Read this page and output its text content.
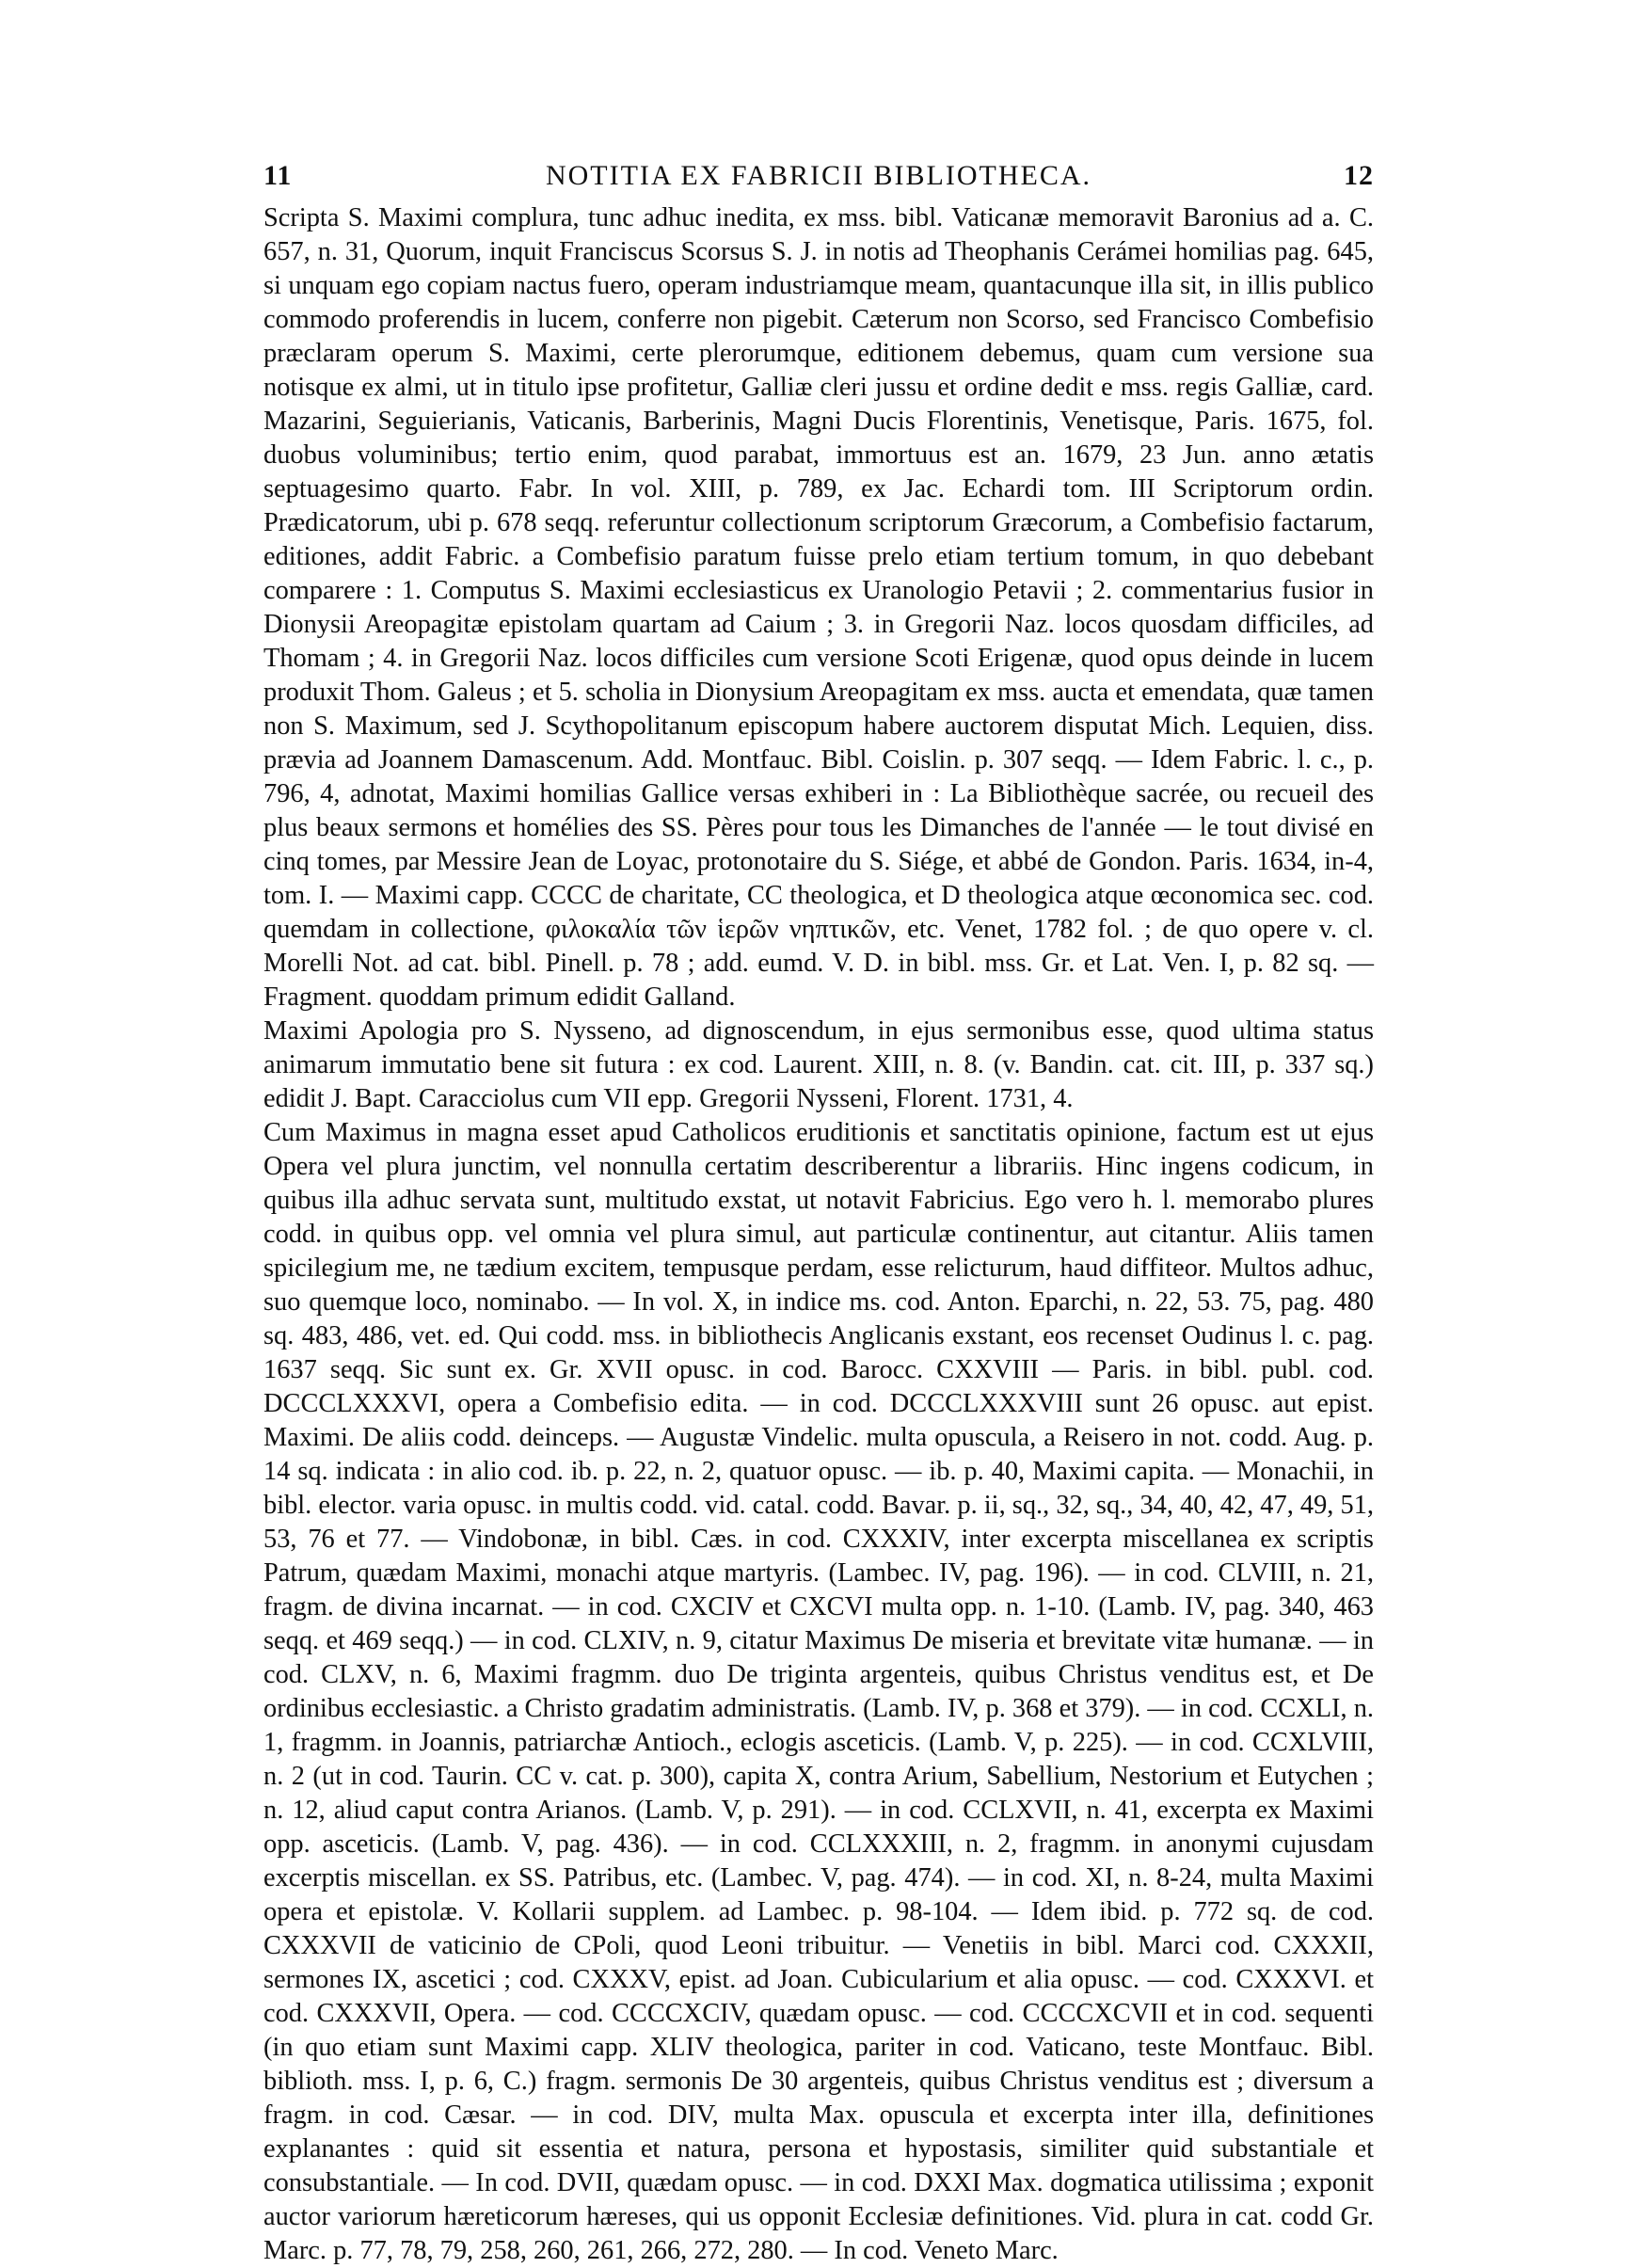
11	NOTITIA EX FABRICII BIBLIOTHECA.	12

Scripta S. Maximi complura, tunc adhuc inedita, ex mss. bibl. Vaticanæ memoravit Baronius ad a. C. 657, n. 31, Quorum, inquit Franciscus Scorsus S. J. in notis ad Theophanis Cerámei homilias pag. 645, si unquam ego copiam nactus fuero, operam industriamque meam, quantacunque illa sit, in illis publico commodo proferendis in lucem, conferre non pigebit. Cæterum non Scorso, sed Francisco Combefisio præclaram operum S. Maximi, certe plerorumque, editionem debemus, quam cum versione sua notisque ex almi, ut in titulo ipse profitetur, Galliæ cleri jussu et ordine dedit e mss. regis Galliæ, card. Mazarini, Seguierianis, Vaticanis, Barberinis, Magni Ducis Florentinis, Venetisque, Paris. 1675, fol. duobus voluminibus; tertio enim, quod parabat, immortuus est an. 1679, 23 Jun. anno ætatis septuagesimo quarto. Fabr. In vol. XIII, p. 789, ex Jac. Echardi tom. III Scriptorum ordin. Prædicatorum, ubi p. 678 seqq. referuntur collectionum scriptorum Græcorum, a Combefisio factarum, editiones, addit Fabric. a Combefisio paratum fuisse prelo etiam tertium tomum, in quo debebant comparere : 1. Computus S. Maximi ecclesiasticus ex Uranologio Petavii ; 2. commentarius fusior in Dionysii Areopagitæ epistolam quartam ad Caium ; 3. in Gregorii Naz. locos quosdam difficiles, ad Thomam ; 4. in Gregorii Naz. locos difficiles cum versione Scoti Erigenæ, quod opus deinde in lucem produxit Thom. Galeus ; et 5. scholia in Dionysium Areopagitam ex mss. aucta et emendata, quæ tamen non S. Maximum, sed J. Scythopolitanum episcopum habere auctorem disputat Mich. Lequien, diss. prævia ad Joannem Damascenum. Add. Montfauc. Bibl. Coislin. p. 307 seqq. — Idem Fabric. l. c., p. 796, 4, adnotat, Maximi homilias Gallice versas exhiberi in : La Bibliothèque sacrée, ou recueil des plus beaux sermons et homélies des SS. Pères pour tous les Dimanches de l'année — le tout divisé en cinq tomes, par Messire Jean de Loyac, protonotaire du S. Siége, et abbé de Gondon. Paris. 1634, in-4, tom. I. — Maximi capp. CCCC de charitate, CC theologica, et D theologica atque œconomica sec. cod. quemdam in collectione, φιλοκαλία τῶν ἱερῶν νηπτικῶν, etc. Venet, 1782 fol. ; de quo opere v. cl. Morelli Not. ad cat. bibl. Pinell. p. 78 ; add. eumd. V. D. in bibl. mss. Gr. et Lat. Ven. I, p. 82 sq. — Fragment. quoddam primum edidit Galland.

Maximi Apologia pro S. Nysseno, ad dignoscendum, in ejus sermonibus esse, quod ultima status animarum immutatio bene sit futura : ex cod. Laurent. XIII, n. 8. (v. Bandin. cat. cit. III, p. 337 sq.) edidit J. Bapt. Caracciolus cum VII epp. Gregorii Nysseni, Florent. 1731, 4.

Cum Maximus in magna esset apud Catholicos eruditionis et sanctitatis opinione, factum est ut ejus Opera vel plura junctim, vel nonnulla certatim describerentur a librariis. Hinc ingens codicum, in quibus illa adhuc servata sunt, multitudo exstat, ut notavit Fabricius. Ego vero h. l. memorabo plures codd. in quibus opp. vel omnia vel plura simul, aut particulæ continentur, aut citantur. Aliis tamen spicilegium me, ne tædium excitem, tempusque perdam, esse relicturum, haud diffiteor. Multos adhuc, suo quemque loco, nominabo. — In vol. X, in indice ms. cod. Anton. Eparchi, n. 22, 53. 75, pag. 480 sq. 483, 486, vet. ed. Qui codd. mss. in bibliothecis Anglicanis exstant, eos recenset Oudinus l. c. pag. 1637 seqq. Sic sunt ex. Gr. XVII opusc. in cod. Barocc. CXXVIII — Paris. in bibl. publ. cod. DCCCLXXXVI, opera a Combefisio edita. — in cod. DCCCLXXXVIII sunt 26 opusc. aut epist. Maximi. De aliis codd. deinceps. — Augustæ Vindelic. multa opuscula, a Reisero in not. codd. Aug. p. 14 sq. indicata : in alio cod. ib. p. 22, n. 2, quatuor opusc. — ib. p. 40, Maximi capita. — Monachii, in bibl. elector. varia opusc. in multis codd. vid. catal. codd. Bavar. p. ii, sq., 32, sq., 34, 40, 42, 47, 49, 51, 53, 76 et 77. — Vindobonæ, in bibl. Cæs. in cod. CXXXIV, inter excerpta miscellanea ex scriptis Patrum, quædam Maximi, monachi atque martyris. (Lambec. IV, pag. 196). — in cod. CLVIII, n. 21, fragm. de divina incarnat. — in cod. CXCIV et CXCVI multa opp. n. 1-10. (Lamb. IV, pag. 340, 463 seqq. et 469 seqq.) — in cod. CLXIV, n. 9, citatur Maximus De miseria et brevitate vitæ humanæ. — in cod. CLXV, n. 6, Maximi fragmm. duo De triginta argenteis, quibus Christus venditus est, et De ordinibus ecclesiastic. a Christo gradatim administratis. (Lamb. IV, p. 368 et 379). — in cod. CCXLI, n. 1, fragmm. in Joannis, patriarchæ Antioch., eclogis asceticis. (Lamb. V, p. 225). — in cod. CCXLVIII, n. 2 (ut in cod. Taurin. CC v. cat. p. 300), capita X, contra Arium, Sabellium, Nestorium et Eutychen ; n. 12, aliud caput contra Arianos. (Lamb. V, p. 291). — in cod. CCLXVII, n. 41, excerpta ex Maximi opp. asceticis. (Lamb. V, pag. 436). — in cod. CCLXXXIII, n. 2, fragmm. in anonymi cujusdam excerptis miscellan. ex SS. Patribus, etc. (Lambec. V, pag. 474). — in cod. XI, n. 8-24, multa Maximi opera et epistolæ. V. Kollarii supplem. ad Lambec. p. 98-104. — Idem ibid. p. 772 sq. de cod. CXXXVII de vaticinio de CPoli, quod Leoni tribuitur. — Venetiis in bibl. Marci cod. CXXXII, sermones IX, ascetici ; cod. CXXXV, epist. ad Joan. Cubicularium et alia opusc. — cod. CXXXVI. et cod. CXXXVII, Opera. — cod. CCCCXCIV, quædam opusc. — cod. CCCCXCVII et in cod. sequenti (in quo etiam sunt Maximi capp. XLIV theologica, pariter in cod. Vaticano, teste Montfauc. Bibl. biblioth. mss. I, p. 6, C.) fragm. sermonis De 30 argenteis, quibus Christus venditus est ; diversum a fragm. in cod. Cæsar. — in cod. DIV, multa Max. opuscula et excerpta inter illa, definitiones explanantes : quid sit essentia et natura, persona et hypostasis, similiter quid substantiale et consubstantiale. — In cod. DVII, quædam opusc. — in cod. DXXI Max. dogmatica utilissima ; exponit auctor variorum hæreticorum hæreses, qui us opponit Ecclesiæ definitiones. Vid. plura in cat. codd Gr. Marc. p. 77, 78, 79, 258, 260, 261, 266, 272, 280. — In cod. Veneto Marc.
